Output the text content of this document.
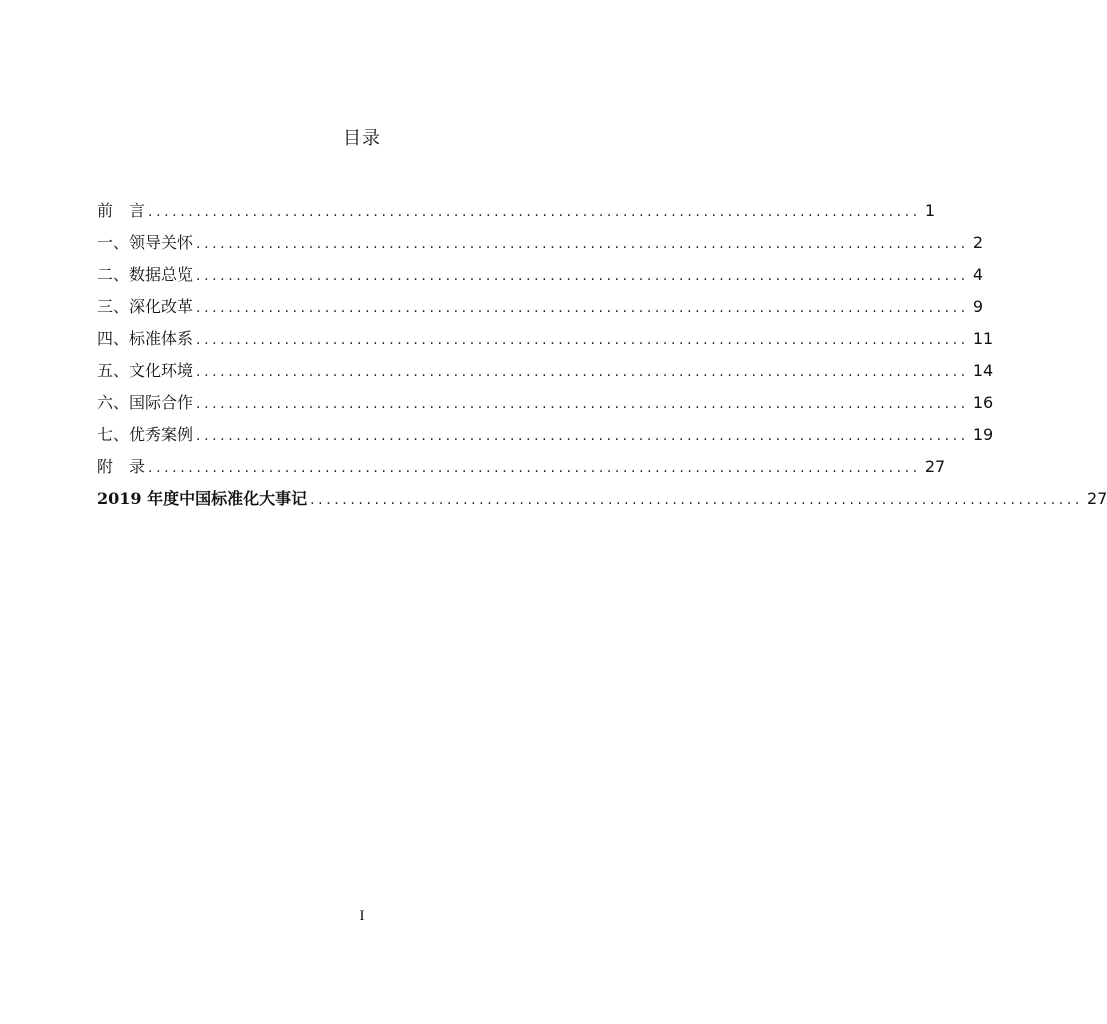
目录
前　言 ................................................................................................ 1
一、领导关怀 ................................................................................................ 2
二、数据总览 ................................................................................................ 4
三、深化改革 ................................................................................................ 9
四、标准体系 ................................................................................................ 11
五、文化环境 ................................................................................................ 14
六、国际合作 ................................................................................................ 16
七、优秀案例 ................................................................................................ 19
附　录 ................................................................................................ 27
2019 年度中国标准化大事记 ................................................................................................ 27
I
